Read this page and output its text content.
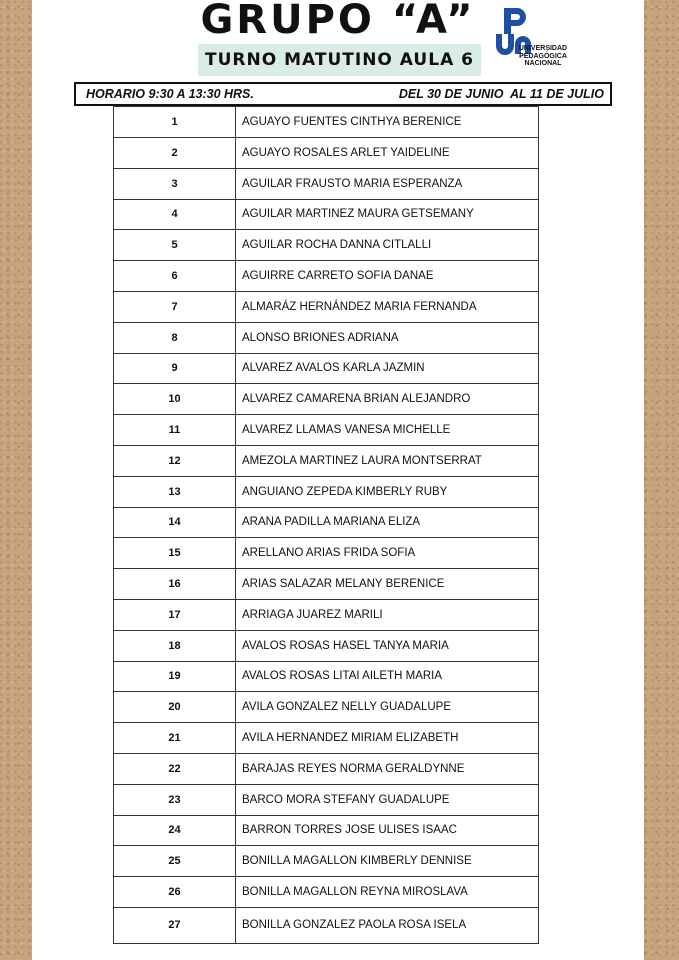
GRUPO “A”
TURNO MATUTINO AULA 6
UNIVERSIDAD
PEDAGÓGICA
NACIONAL
HORARIO 9:30 A 13:30 HRS.	DEL 30 DE JUNIO  AL 11 DE JULIO
1	AGUAYO FUENTES CINTHYA BERENICE
2	AGUAYO ROSALES ARLET YAIDELINE
3	AGUILAR FRAUSTO MARIA ESPERANZA
4	AGUILAR MARTINEZ MAURA GETSEMANY
5	AGUILAR ROCHA DANNA CITLALLI
6	AGUIRRE CARRETO SOFIA DANAE
7	ALMARÁZ HERNÁNDEZ MARIA FERNANDA
8	ALONSO BRIONES ADRIANA
9	ALVAREZ AVALOS KARLA JAZMIN
10	ALVAREZ CAMARENA BRIAN ALEJANDRO
11	ALVAREZ LLAMAS VANESA MICHELLE
12	AMEZOLA MARTINEZ LAURA MONTSERRAT
13	ANGUIANO ZEPEDA KIMBERLY RUBY
14	ARANA PADILLA MARIANA ELIZA
15	ARELLANO ARIAS FRIDA SOFIA
16	ARIAS SALAZAR MELANY BERENICE
17	ARRIAGA JUAREZ MARILI
18	AVALOS ROSAS HASEL TANYA MARIA
19	AVALOS ROSAS LITAI AILETH MARIA
20	AVILA GONZALEZ NELLY GUADALUPE
21	AVILA HERNANDEZ MIRIAM ELIZABETH
22	BARAJAS REYES NORMA GERALDYNNE
23	BARCO MORA STEFANY GUADALUPE
24	BARRON TORRES JOSE ULISES ISAAC
25	BONILLA MAGALLON KIMBERLY DENNISE
26	BONILLA MAGALLON REYNA MIROSLAVA
27	BONILLA GONZALEZ PAOLA ROSA ISELA
